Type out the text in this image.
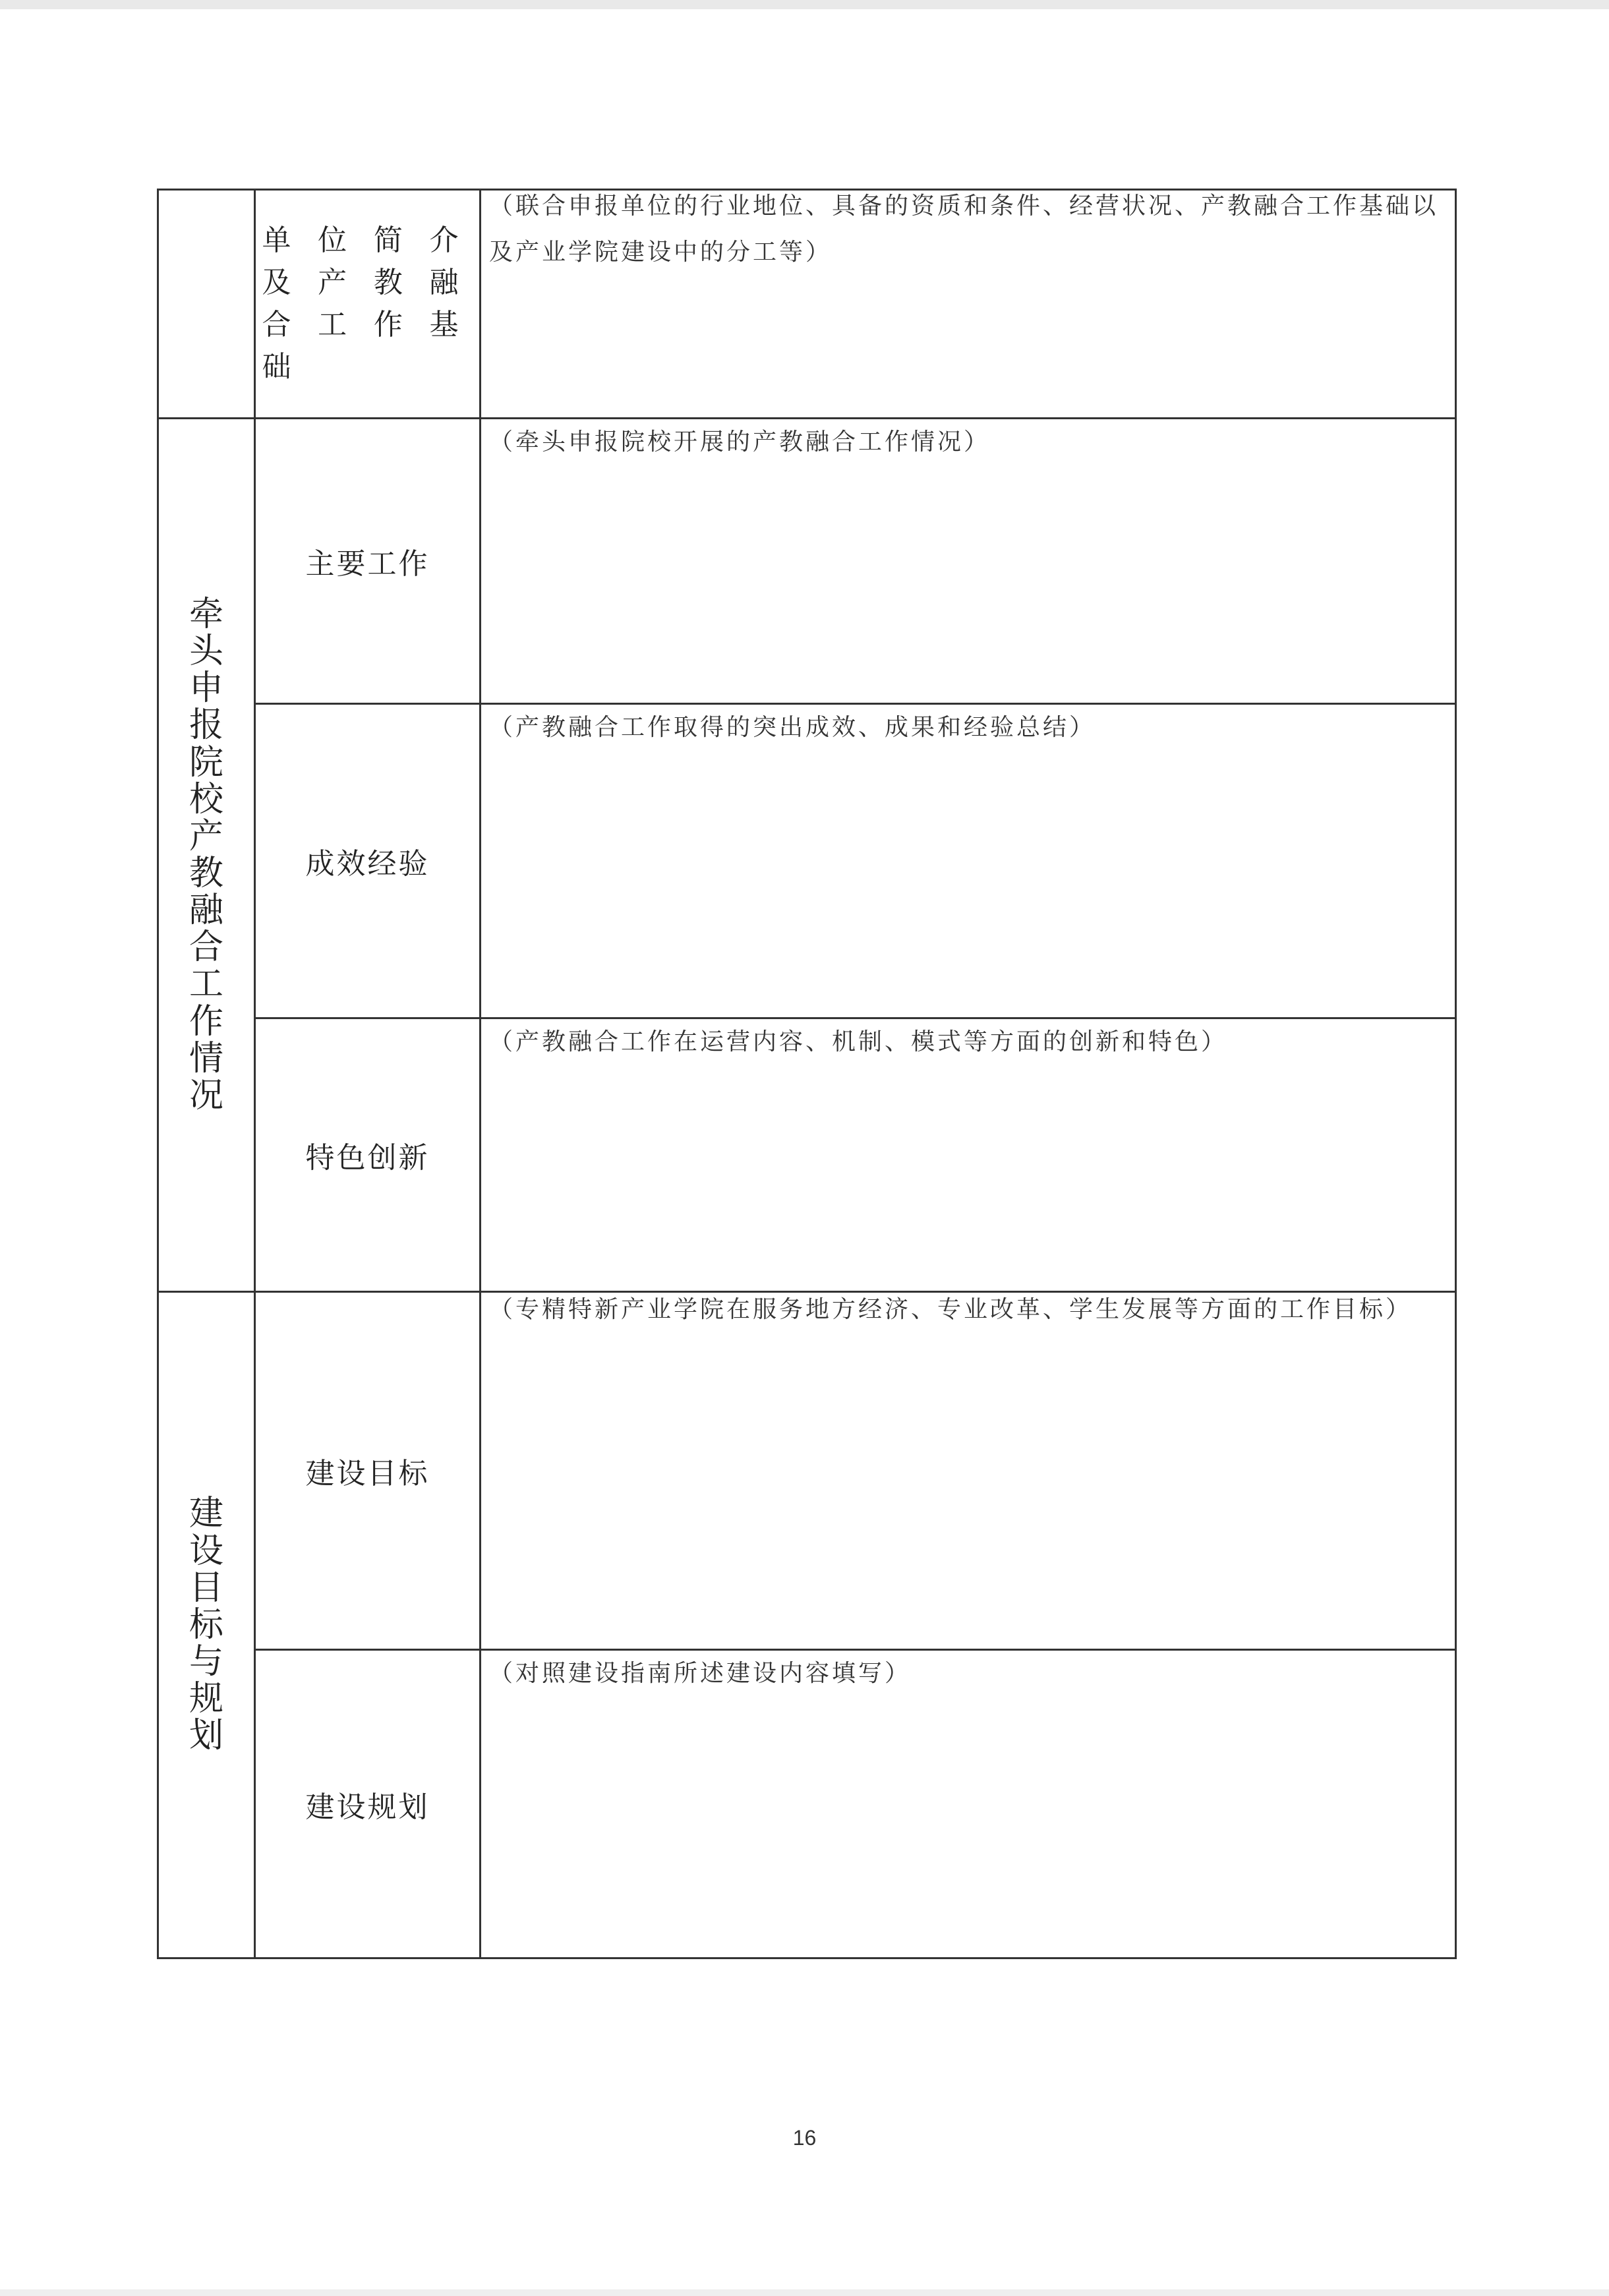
牵头申报院校产教融合工作情况
建设目标与规划
单位简介及产教融合工作基础
主要工作
成效经验
特色创新
建设目标
建设规划
（联合申报单位的行业地位、具备的资质和条件、经营状况、产教融合工作基础以及产业学院建设中的分工等）
（牵头申报院校开展的产教融合工作情况）
（产教融合工作取得的突出成效、成果和经验总结）
（产教融合工作在运营内容、机制、模式等方面的创新和特色）
（专精特新产业学院在服务地方经济、专业改革、学生发展等方面的工作目标）
（对照建设指南所述建设内容填写）
16
